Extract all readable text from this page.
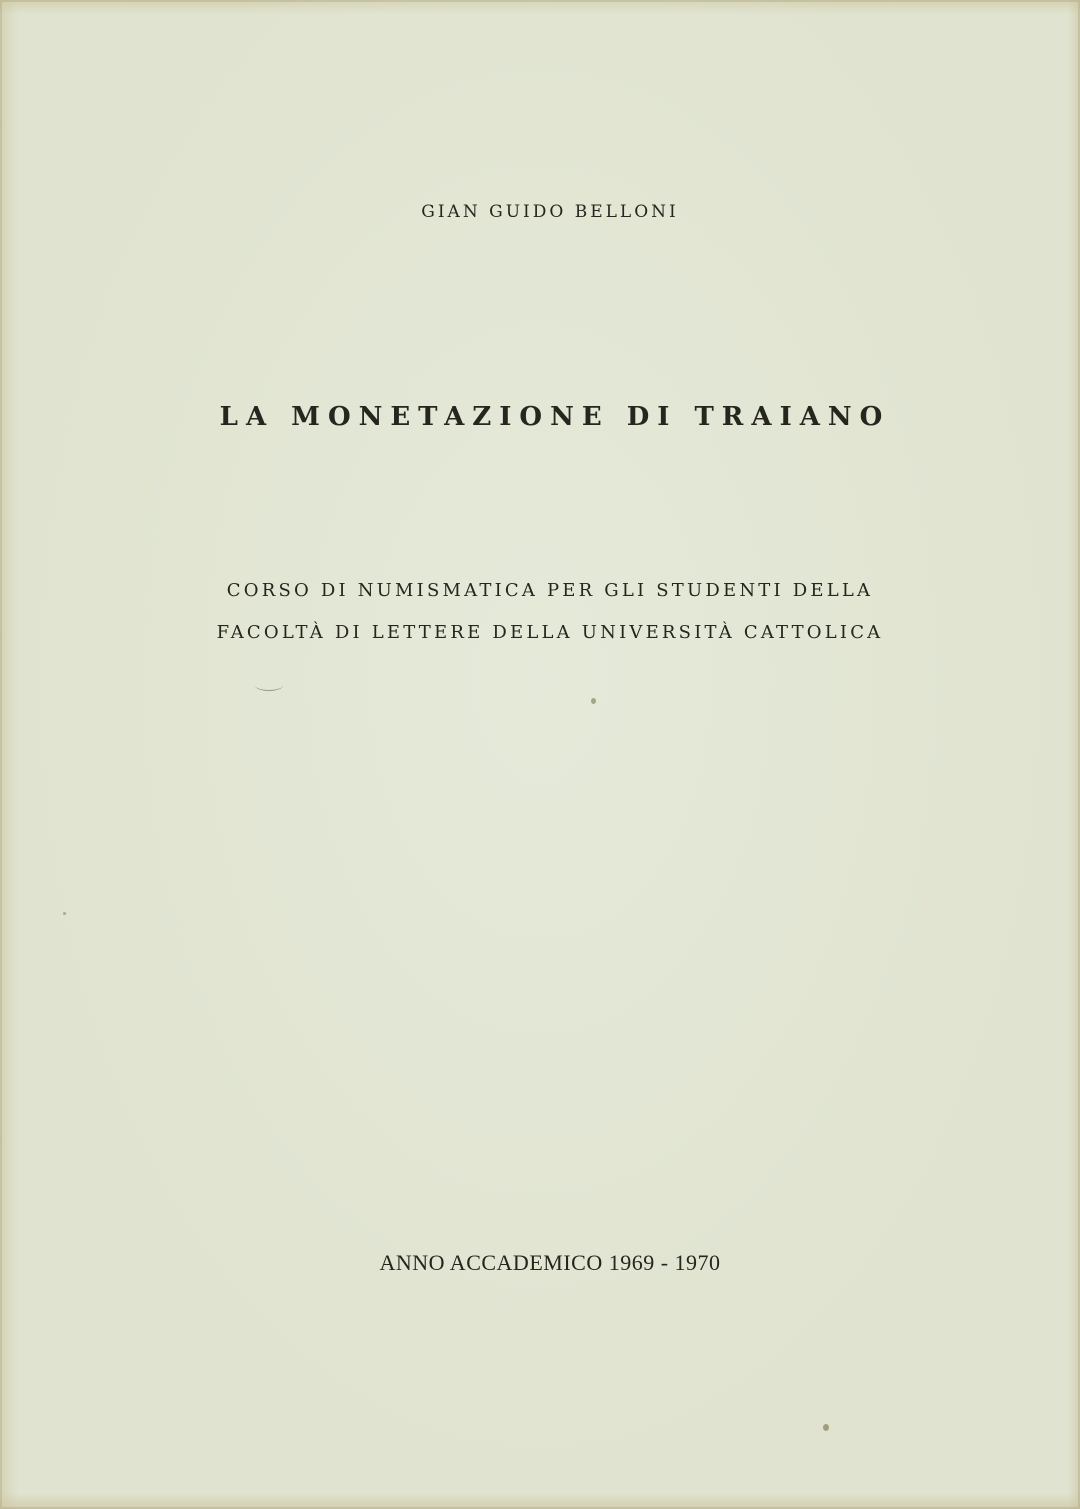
GIAN GUIDO BELLONI
LA MONETAZIONE DI TRAIANO
CORSO DI NUMISMATICA PER GLI STUDENTI DELLA
FACOLTÀ DI LETTERE DELLA UNIVERSITÀ CATTOLICA
ANNO ACCADEMICO 1969 - 1970
